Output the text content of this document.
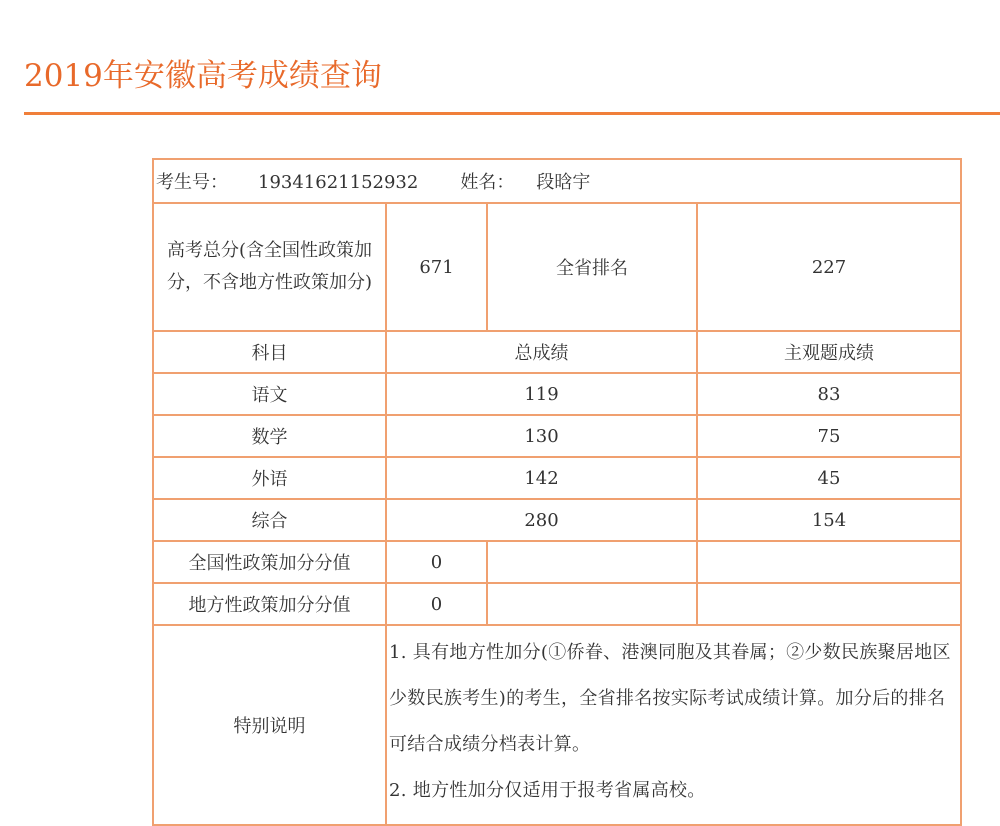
2019年安徽高考成绩查询
考生号： 19341621152932 姓名： 段晗宇			
高考总分(含全国性政策加分，不含地方性政策加分)	671	全省排名	227
科目	总成绩		主观题成绩
语文	119		83
数学	130		75
外语	142		45
综合	280		154
全国性政策加分分值	0		
地方性政策加分分值	0		
特别说明	1. 具有地方性加分(①侨眷、港澳同胞及其眷属；②少数民族聚居地区少数民族考生)的考生，全省排名按实际考试成绩计算。加分后的排名可结合成绩分档表计算。

2. 地方性加分仅适用于报考省属高校。		
